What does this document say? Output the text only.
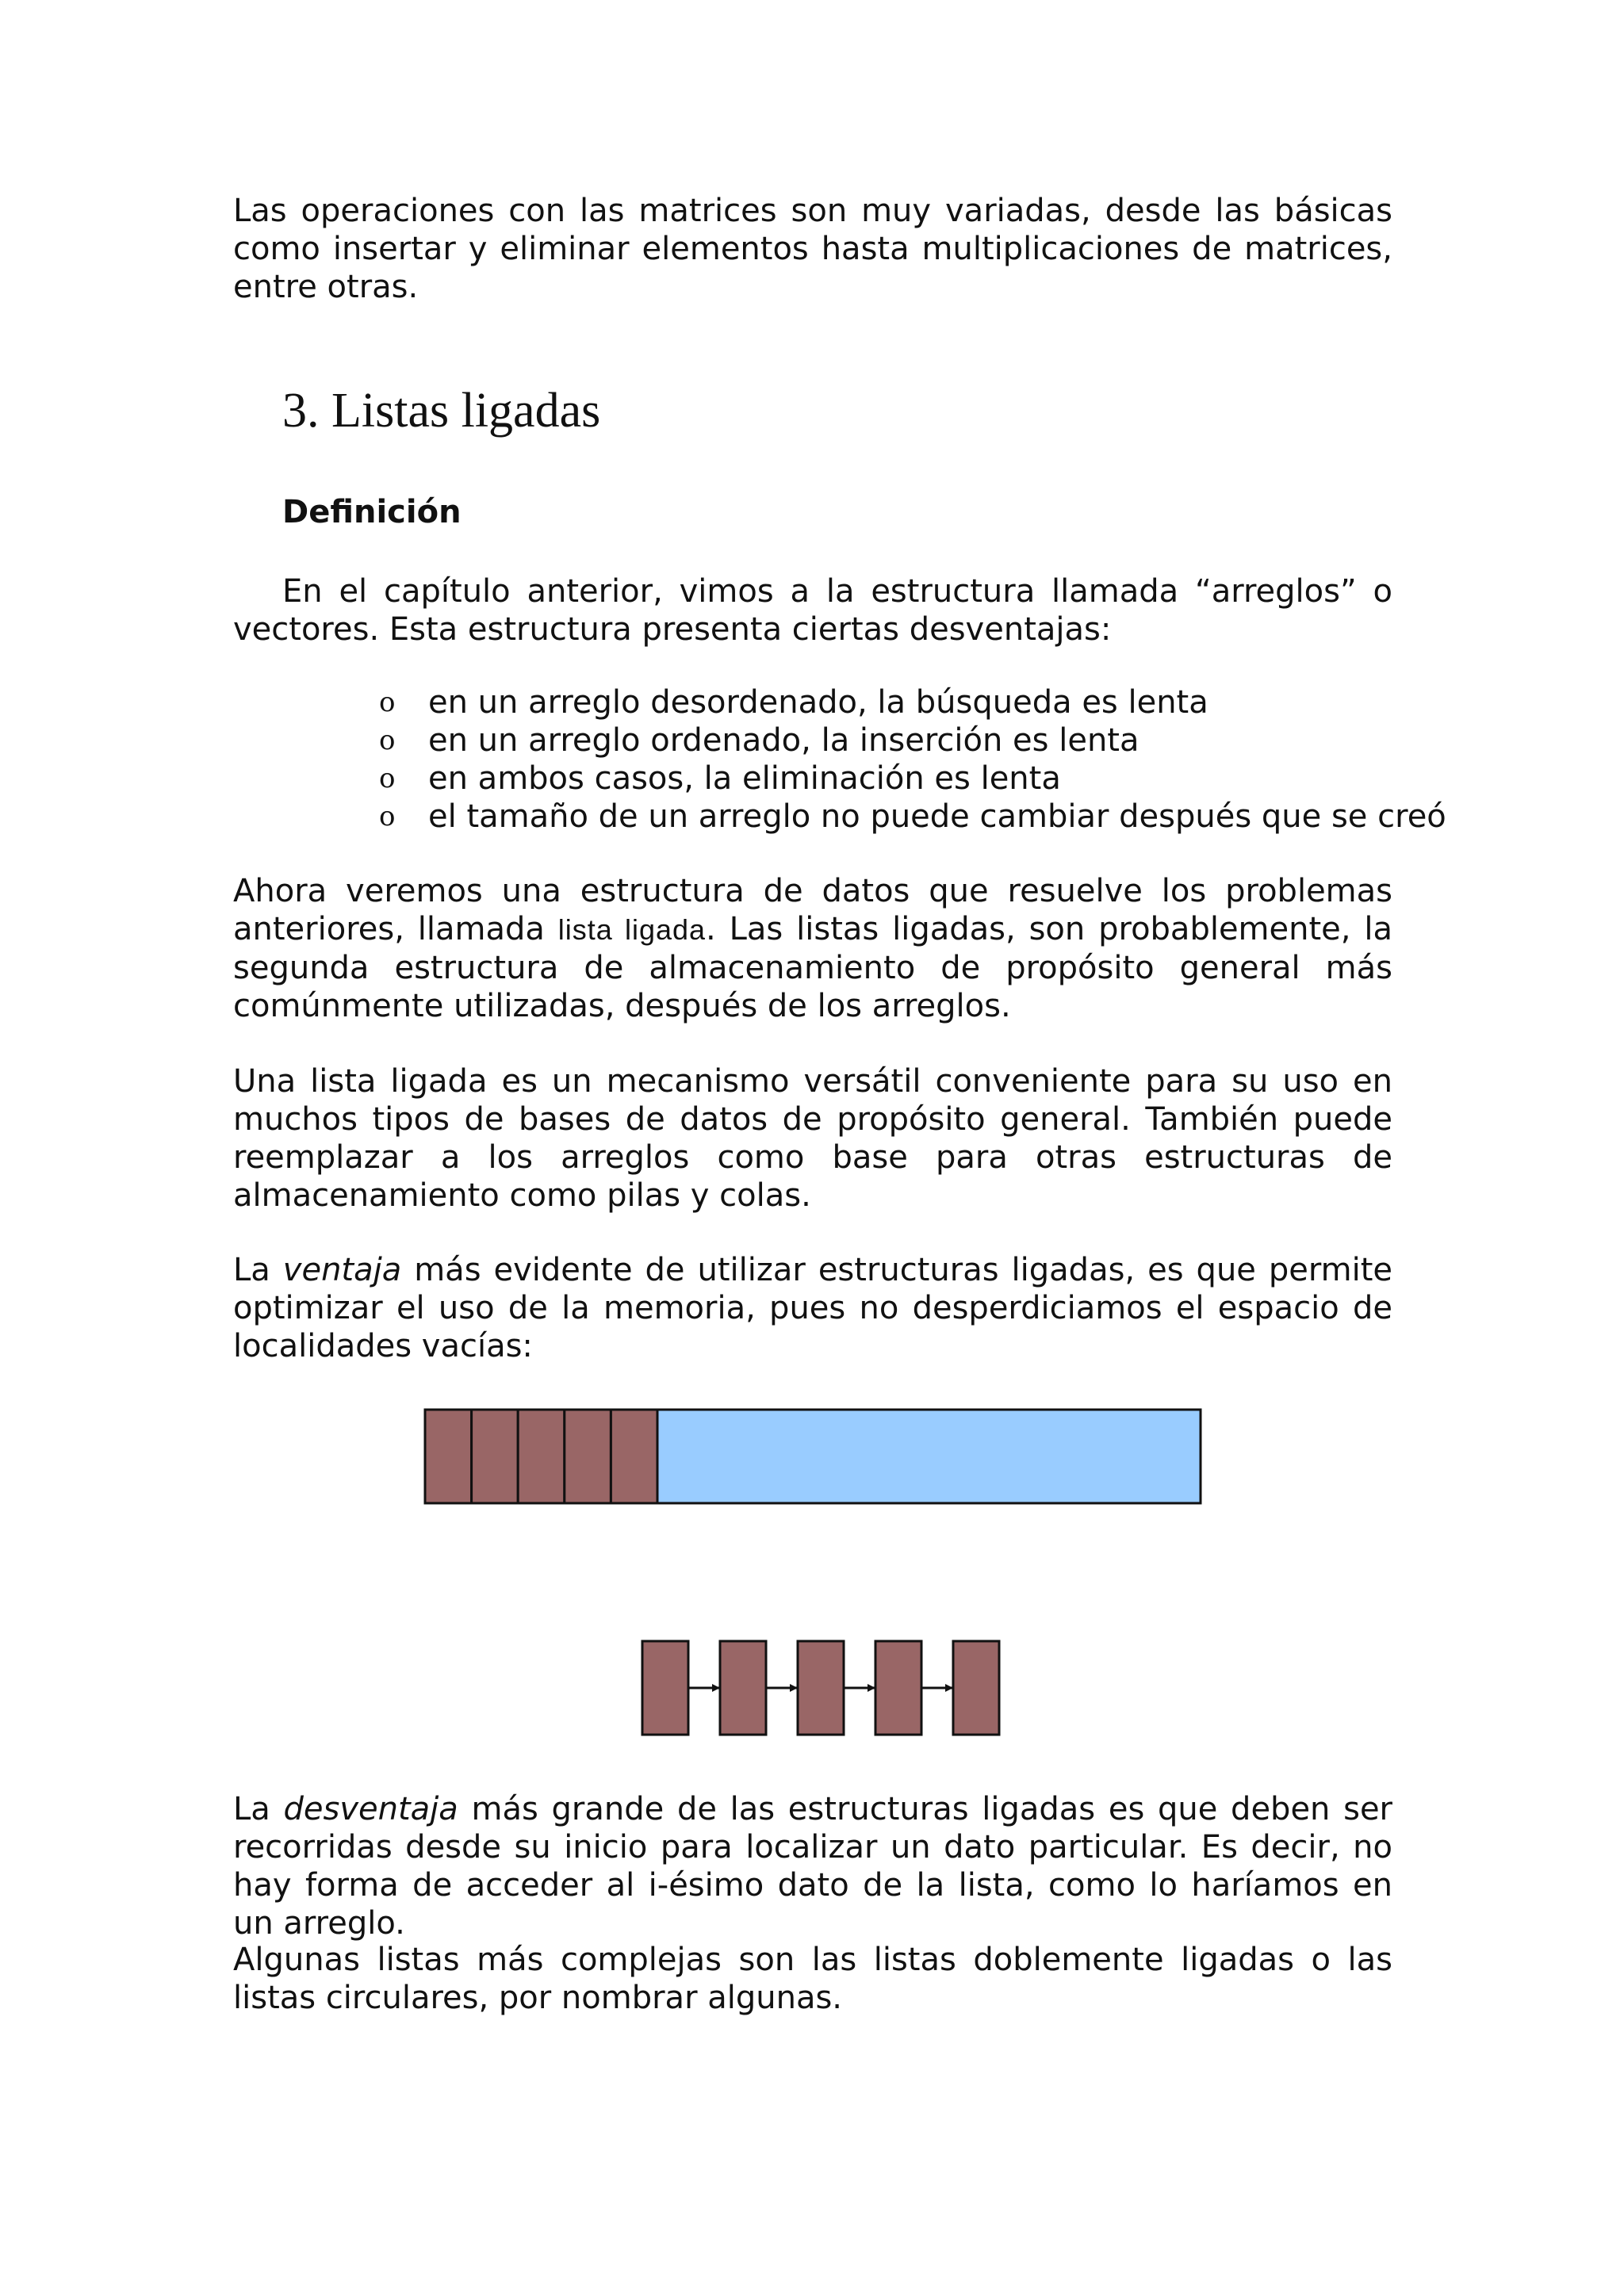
Las operaciones con las matrices son muy variadas, desde las básicas como insertar y eliminar elementos hasta multiplicaciones de matrices, entre otras.

3. Listas ligadas
Definición

En el capítulo anterior, vimos a la estructura llamada “arreglos” o vectores. Esta estructura presenta ciertas desventajas:

o en un arreglo desordenado, la búsqueda es lenta
o en un arreglo ordenado, la inserción es lenta
o en ambos casos, la eliminación es lenta
o el tamaño de un arreglo no puede cambiar después que se creó

Ahora veremos una estructura de datos que resuelve los problemas anteriores, llamada lista ligada. Las listas ligadas, son probablemente, la segunda estructura de almacenamiento de propósito general más comúnmente utilizadas, después de los arreglos.

Una lista ligada es un mecanismo versátil conveniente para su uso en muchos tipos de bases de datos de propósito general. También puede reemplazar a los arreglos como base para otras estructuras de almacenamiento como pilas y colas.

La ventaja más evidente de utilizar estructuras ligadas, es que permite optimizar el uso de la memoria, pues no desperdiciamos el espacio de localidades vacías:

La desventaja más grande de las estructuras ligadas es que deben ser recorridas desde su inicio para localizar un dato particular. Es decir, no hay forma de acceder al i-ésimo dato de la lista, como lo haríamos en un arreglo.

Algunas listas más complejas son las listas doblemente ligadas o las listas circulares, por nombrar algunas.
